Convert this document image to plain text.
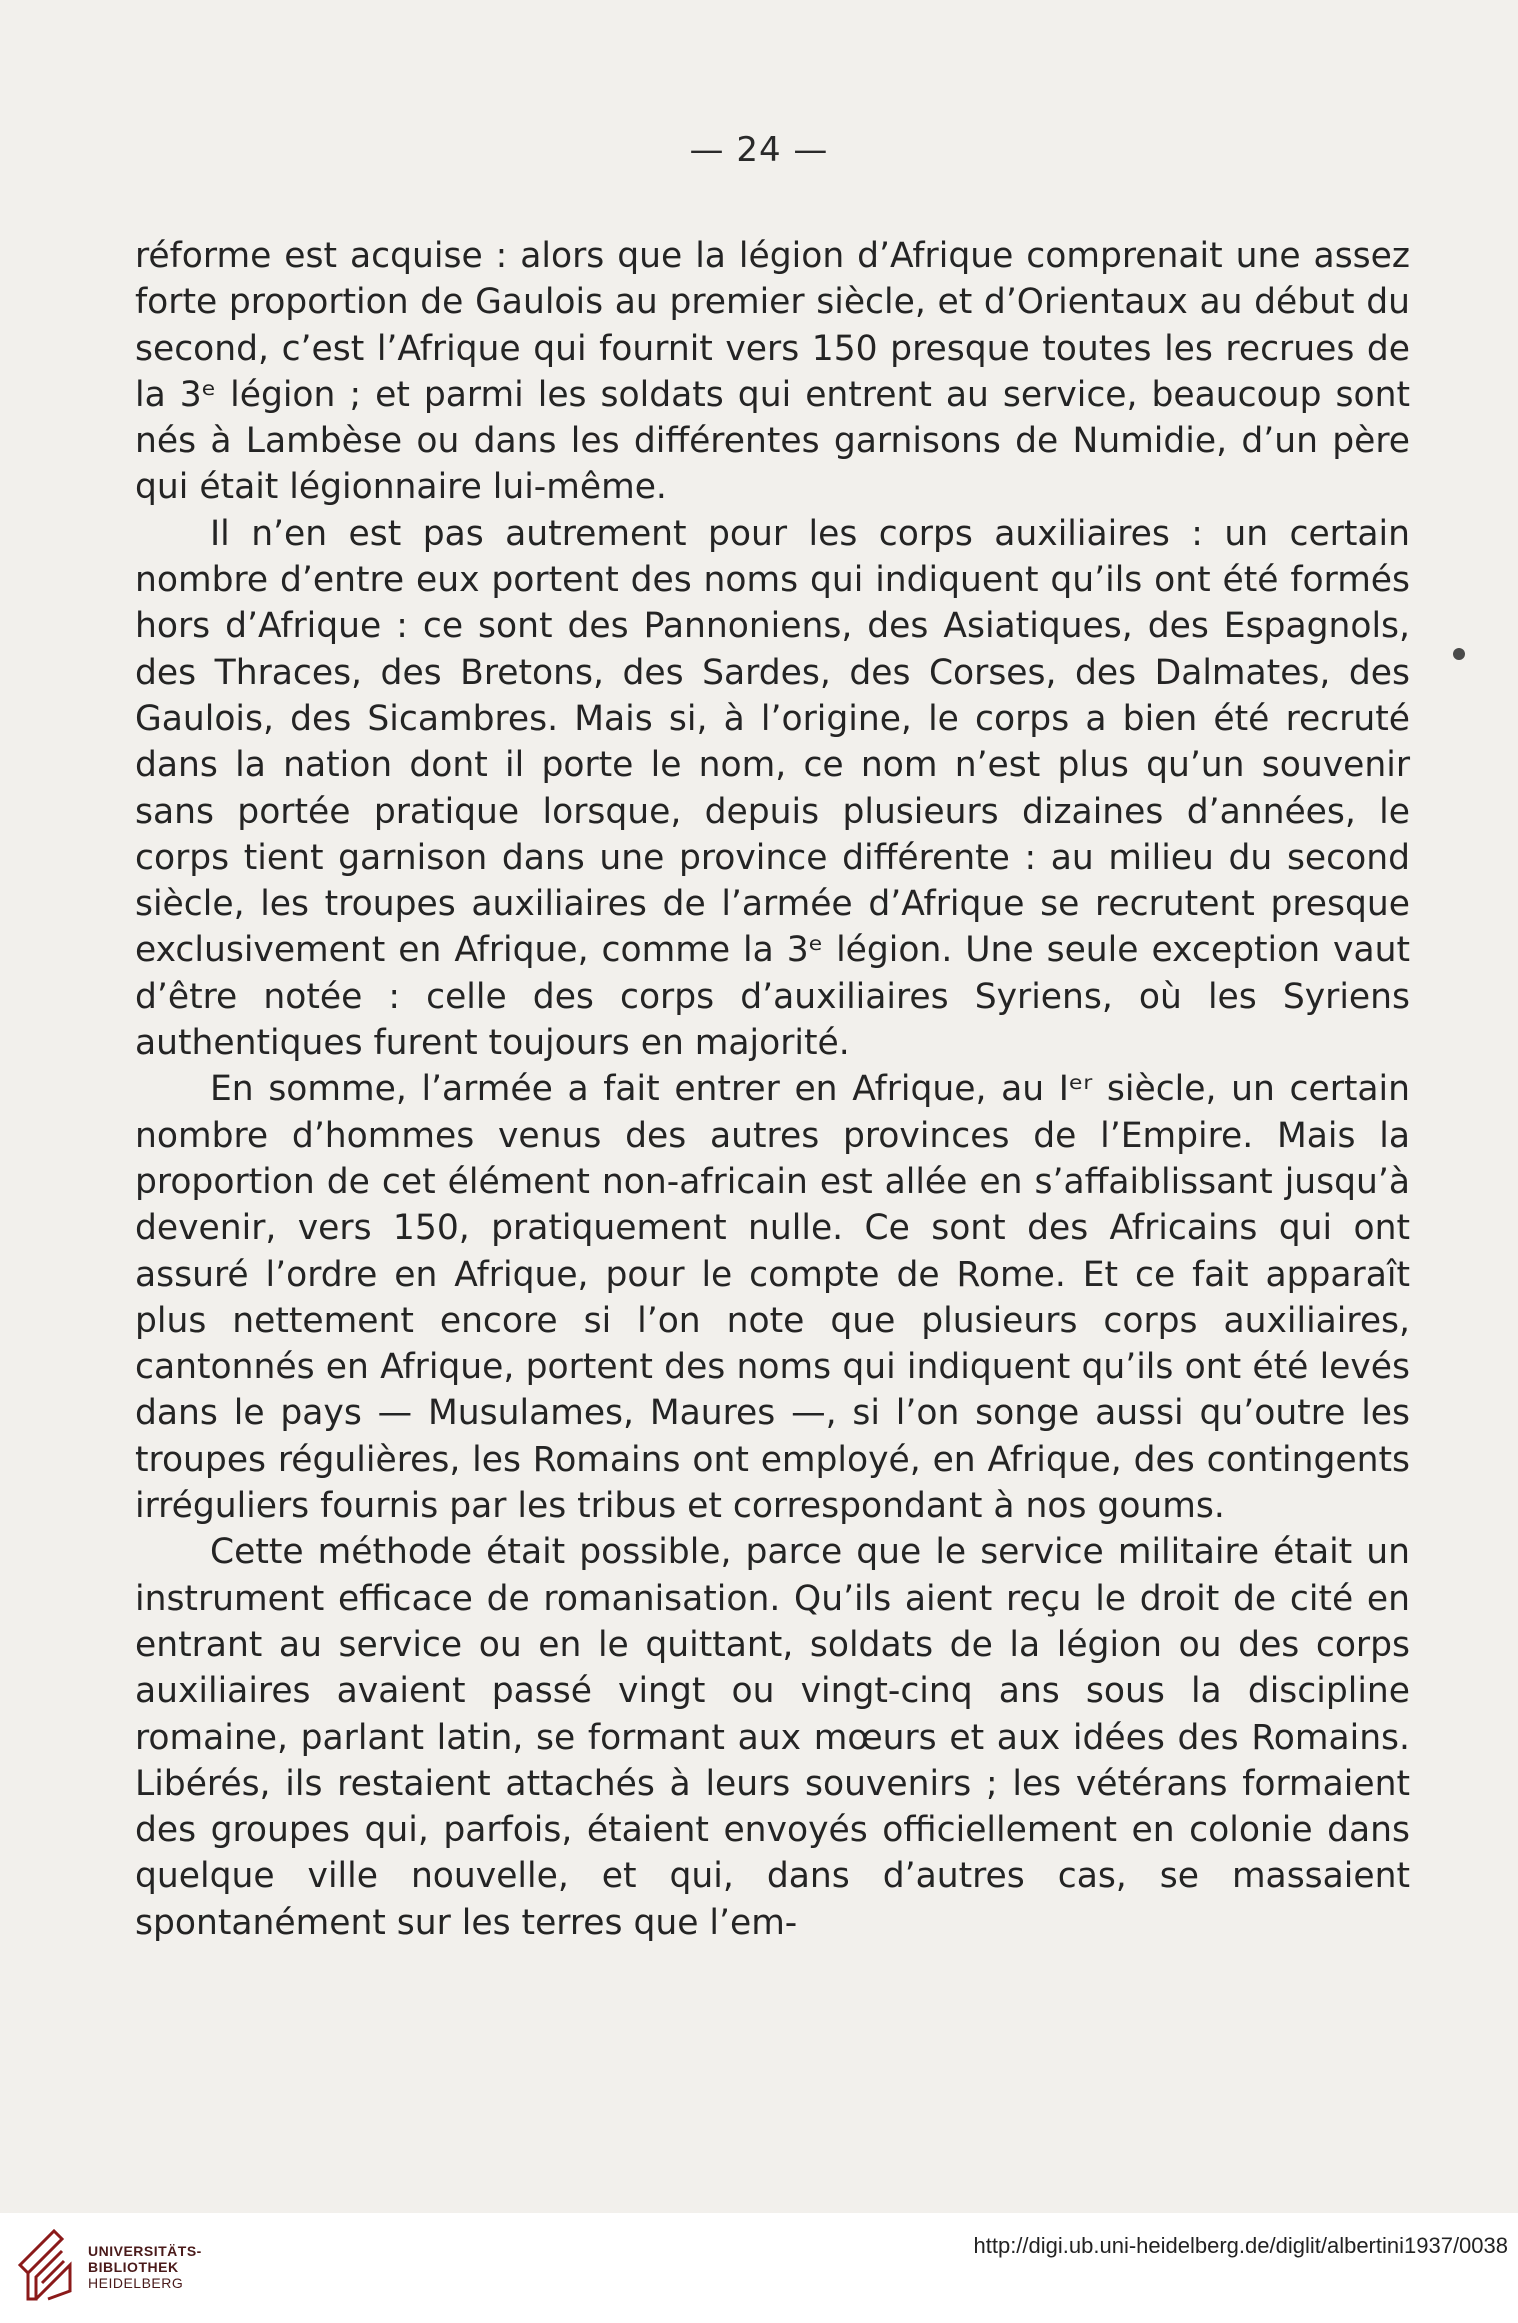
— 24 —

réforme est acquise : alors que la légion d’Afrique comprenait une assez forte proportion de Gaulois au premier siècle, et d’Orientaux au début du second, c’est l’Afrique qui fournit vers 150 presque toutes les recrues de la 3ᵉ légion ; et parmi les soldats qui entrent au service, beaucoup sont nés à Lambèse ou dans les différentes garnisons de Numidie, d’un père qui était légionnaire lui-même.

Il n’en est pas autrement pour les corps auxiliaires : un certain nombre d’entre eux portent des noms qui indiquent qu’ils ont été formés hors d’Afrique : ce sont des Pannoniens, des Asiatiques, des Espagnols, des Thraces, des Bretons, des Sardes, des Corses, des Dalmates, des Gaulois, des Sicambres. Mais si, à l’origine, le corps a bien été recruté dans la nation dont il porte le nom, ce nom n’est plus qu’un souvenir sans portée pratique lorsque, depuis plusieurs dizaines d’années, le corps tient garnison dans une province différente : au milieu du second siècle, les troupes auxiliaires de l’armée d’Afrique se recrutent presque exclusivement en Afrique, comme la 3ᵉ légion. Une seule exception vaut d’être notée : celle des corps d’auxiliaires Syriens, où les Syriens authentiques furent toujours en majorité.

En somme, l’armée a fait entrer en Afrique, au Iᵉʳ siècle, un certain nombre d’hommes venus des autres provinces de l’Empire. Mais la proportion de cet élément non-africain est allée en s’affaiblissant jusqu’à devenir, vers 150, pratiquement nulle. Ce sont des Africains qui ont assuré l’ordre en Afrique, pour le compte de Rome. Et ce fait apparaît plus nettement encore si l’on note que plusieurs corps auxiliaires, cantonnés en Afrique, portent des noms qui indiquent qu’ils ont été levés dans le pays — Musulames, Maures —, si l’on songe aussi qu’outre les troupes régulières, les Romains ont employé, en Afrique, des contingents irréguliers fournis par les tribus et correspondant à nos goums.

Cette méthode était possible, parce que le service militaire était un instrument efficace de romanisation. Qu’ils aient reçu le droit de cité en entrant au service ou en le quittant, soldats de la légion ou des corps auxiliaires avaient passé vingt ou vingt-cinq ans sous la discipline romaine, parlant latin, se formant aux mœurs et aux idées des Romains. Libérés, ils restaient attachés à leurs souvenirs ; les vétérans formaient des groupes qui, parfois, étaient envoyés officiellement en colonie dans quelque ville nouvelle, et qui, dans d’autres cas, se massaient spontanément sur les terres que l’em-

UNIVERSITÄTS-
BIBLIOTHEK
HEIDELBERG
http://digi.ub.uni-heidelberg.de/diglit/albertini1937/0038
